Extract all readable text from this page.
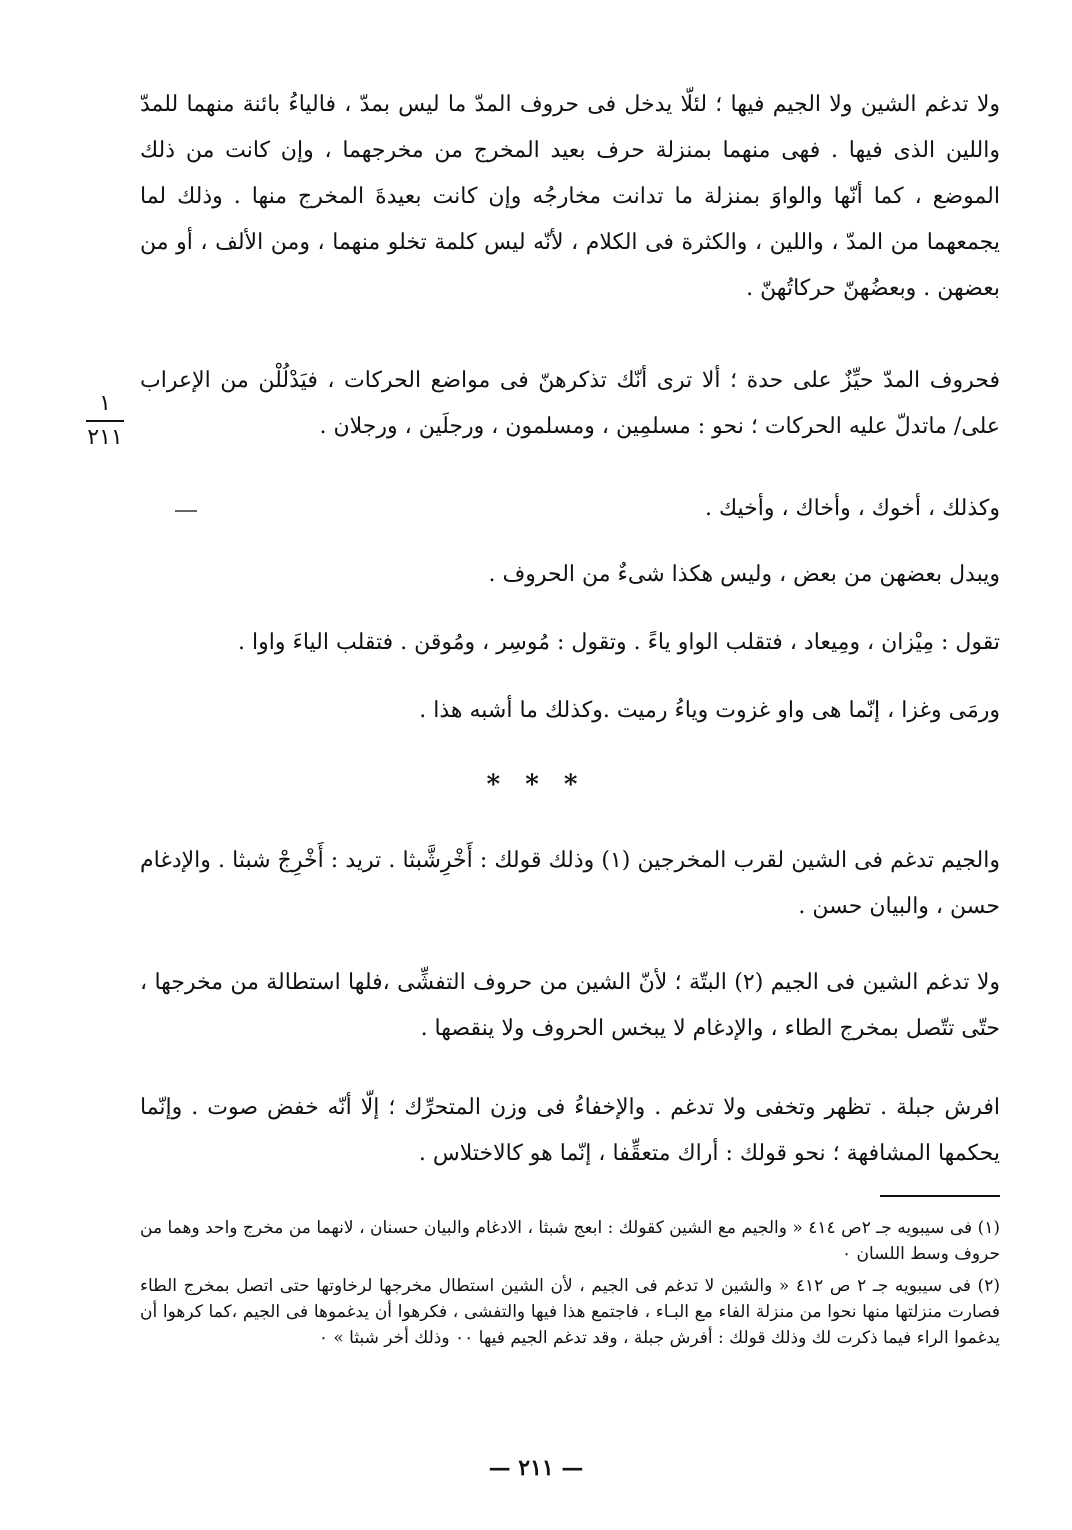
ولا تدغم الشين ولا الجيم فيها ؛ لئلّا يدخل فى حروف المدّ ما ليس بمدّ ، فالياءُ بائنة منهما للمدّ واللين الذى فيها . فهى منهما بمنزلة حرف بعيد المخرج من مخرجهما ، وإن كانت من ذلك الموضع ، كما أنّها والواوَ بمنزلة ما تدانت مخارجُه وإن كانت بعيدةَ المخرج منها . وذلك لما يجمعهما من المدّ ، واللين ، والكثرة فى الكلام ، لأنّه ليس كلمة تخلو منهما ، ومن الألف ، أو من بعضهن . وبعضُهنّ حركاتُهنّ .

فحروف المدّ حيِّزٌ على حدة ؛ ألا ترى أنّك تذكرهنّ فى مواضع الحركات ، فيَدْلُلْن من الإعراب على/ ماتدلّ عليه الحركات ؛ نحو : مسلمِين ، ومسلمون ، ورجلَين ، ورجلان .

١
٢١١

وكذلك ، أخوك ، وأخاك ، وأخيك .

ويبدل بعضهن من بعض ، وليس هكذا شىءٌ من الحروف .

تقول : مِيْزان ، ومِيعاد ، فتقلب الواو ياءً . وتقول : مُوسِر ، ومُوقن . فتقلب الياءَ واوا .

ورمَى وغزا ، إنّما هى واو غزوت وياءُ رميت .وكذلك ما أشبه هذا .

* * *

والجيم تدغم فى الشين لقرب المخرجين (١) وذلك قولك : أَخْرِشَّبثا . تريد : أَخْرِجْ شبثا . والإدغام حسن ، والبيان حسن .

ولا تدغم الشين فى الجيم (٢) البتّة ؛ لأنّ الشين من حروف التفشِّى ،فلها استطالة من مخرجها ، حتّى تتّصل بمخرج الطاء ، والإدغام لا يبخس الحروف ولا ينقصها .

افرش جبلة . تظهر وتخفى ولا تدغم . والإخفاءُ فى وزن المتحرِّك ؛ إلّا أنّه خفض صوت . وإنّما يحكمها المشافهة ؛ نحو قولك : أراك متعقِّفا ، إنّما هو كالاختلاس .

(١) فى سيبويه جـ ٢ص ٤١٤ « والجيم مع الشين كقولك : ابعج شبثا ، الادغام والبيان حسنان ، لانهما من مخرج واحد وهما من حروف وسط اللسان ٠

(٢) فى سيبويه جـ ٢ ص ٤١٢ « والشين لا تدغم فى الجيم ، لأن الشين استطال مخرجها لرخاوتها حتى اتصل بمخرج الطاء فصارت منزلتها منها نحوا من منزلة الفاء مع البـاء ، فاجتمع هذا فيها والتفشى ، فكرهوا أن يدغموها فى الجيم ،كما كرهوا أن يدغموا الراء فيما ذكرت لك وذلك قولك : أفرش جبلة ، وقد تدغم الجيم فيها ٠٠ وذلك أخر شبثا » ٠

— ٢١١ —
